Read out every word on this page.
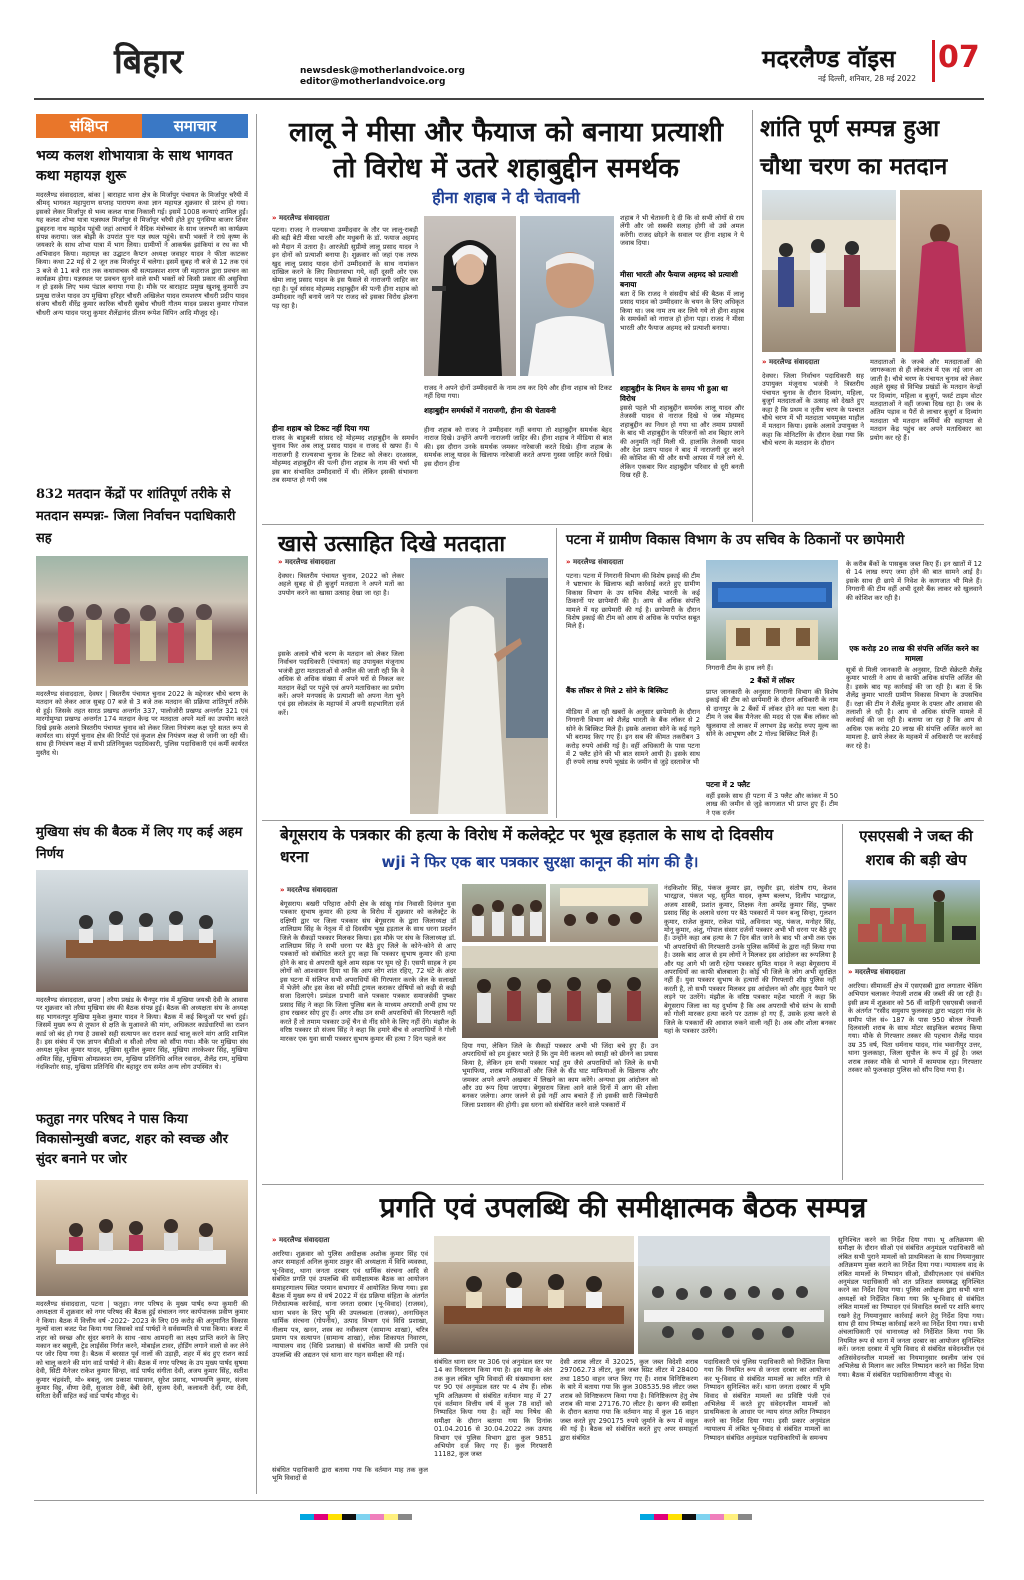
बिहार	newsdesk@motherlandvoice.org
editor@motherlandvoice.org
मदरलैण्ड वॉइस 07
नई दिल्ली, शनिवार, 28 मई 2022
संक्षिप्त	समाचार
भव्य कलश शोभायात्रा के साथ भागवत कथा महायज्ञ शुरू
मदरलैण्ड संवाददाता, बांका | बाराहाट थाना क्षेत्र के मिर्जापुर पंचायत के मिर्जापुर चरैयी में श्रीमद् भागवत महापुराण सप्ताह पारायण कथा ज्ञान महायज्ञ शुक्रवार से प्रारंभ हो गया। इसको लेकर मिर्जापुर से भव्य कलश यात्रा निकाली गई। इसमें 1008 कन्याएं शामिल हुईं। यह कलश शोभा यात्रा यज्ञस्थल मिर्जापुर से मिर्जापुर चरैयी होते हुए पुनसिया बाजार शिवर डुबहरना नाथ महादेव पहुंची जहां आचार्य ने वैदिक मंत्रोच्चार के साथ जलभरी का कार्यक्रम संपन्न कराया। जल बोझी के उपरांत पुनः यज्ञ स्थल पहुंचे। सभी भक्तों ने राधे कृष्ण के जयकारे के साथ शोभा यात्रा में भाग लिया। ग्रामीणों ने आकर्षक झांकियां व रथ का भी अभिवादन किया। महायज्ञ का उद्घाटन कैप्टन अध्यक्ष जवाहर यादव ने फीता काटकर किया। कथा 22 मई से 2 जून तक मिर्जापुर में चलेगा। इसमें सुबह नौ बजे से 12 तक एवं 3 बजे से 11 बजे रात तक कथावाचक श्री सत्यप्रकाश शरण जी महाराज द्वारा प्रवचन का कार्यक्रम होगा। यज्ञस्थल पर प्रवचन सुनने वाले सभी भक्तों को किसी प्रकार की असुविधा न हो इसके लिए भव्य पंडाल बनाया गया है। मौके पर बाराहाट प्रमुख खुशबू कुमारी उप प्रमुख राजेश यादव उप मुखिया हरिहर चौधरी अखिलेश यादव रामशरण चौधरी प्रदीप यादव संजय चौधरी वीरेंद्र कुमार कारिक चौधरी सुबोध चौधरी गौतम यादव प्रकाश कुमार गोपाल चौधरी अन्य यादव परशु कुमार शैलेंद्रानंद प्रीतम रूपेश विपिन आदि मौजूद रहे।
832 मतदान केंद्रों पर शांतिपूर्ण तरीके से मतदान सम्पन्नः- जिला निर्वाचन पदाधिकारी सह
मदरलैण्ड संवाददाता, देवघर | त्रिस्तरीय पंचायत चुनाव 2022 के मद्देनजर चौथे चरण के मतदान को लेकर आज सुबह 07 बजे से 3 बजे तक मतदान की प्रक्रिया शांतिपूर्ण तरीके से हुई। जिसके तहत सारठ प्रखण्ड अन्तर्गत 337, पालोजोरी प्रखण्ड अन्तर्गत 321 एवं मारगोमुण्डा प्रखण्ड अन्तर्गत 174 मतदान केन्द्र पर मतदाता अपने मतों का उपयोग करते दिखे इसके अलावे त्रिस्तरीय पंचायत चुनाव को लेकर जिला नियंत्रण कक्ष पूरे सतत रूप से कार्यरत था। संपूर्ण चुनाव क्षेत्र की रिपोर्ट एवं कुशल क्षेत्र नियंत्रण कक्ष से जानी जा रही थी। साथ ही नियंत्रण कक्ष में सभी प्रतिनियुक्त पदाधिकारी, पुलिस पदाधिकारी एवं कर्मी कार्यरत मुस्तैद थे।
मुखिया संघ की बैठक में लिए गए कई अहम निर्णय
मदरलैण्ड संवाददाता, छपरा | तरैया प्रखंड के चैनपुर गांव में मुखिया जयश्री देवी के आवास पर शुक्रवार को तरैया मुखिया संघ की बैठक संपन्न हुई। बैठक की अध्यक्षता संघ के अध्यक्ष सह भागवतपुर मुखिया मुकेश कुमार यादव ने किया। बैठक में कई बिन्दुओं पर चर्चा हुई। जिसमें मुख्य रूप से तूफान से क्षति के मुआवजे की मांग, अधिकतर कार्डधारियों का राशन कार्ड जो बंद हो गया है उसको सही सत्यापन कर राशन कार्ड चालू करने मांग आदि शामिल है। इस संबंध में एक ज्ञापन बीडीओ व सीओ तरैया को सौंपा गया। मौके पर मुखिया संघ अध्यक्ष मुकेश कुमार यादव, मुखिया सुशील कुमार सिंह, मुखिया तारकेश्वर सिंह, मुखिया अमित सिंह, मुखिया ओमप्रकाश राम, मुखिया प्रतिनिधि अनिल रवादव, शैलेंद्र राम, मुखिया नंदकिशोर साह, मुखिया प्रतिनिधि वीर बहादुर राय समेत अन्य लोग उपस्थित थे।
फतुहा नगर परिषद ने पास किया विकासोन्मुखी बजट, शहर को स्वच्छ और सुंदर बनाने पर जोर
मदरलैण्ड संवाददाता, पटना | फतुहा। नगर परिषद के मुख्य पार्षद रूपा कुमारी की अध्यक्षता में शुक्रवार को नगर परिषद की बैठक हुई संचालन नगर कार्यपालक प्रवीण कुमार ने किया। बैठक में वित्तीय वर्ष -2022- 2023 के लिए 09 करोड़ की अनुमानित विकास मूल्यों वाला बजट पेश किया गया जिसको वार्ड पार्षदों ने सर्वसम्मति से पास किया। बजट में शहर को स्वच्छ और सुंदर बनाने के साथ -साथ आमदनी का लक्ष्य प्राप्ति करने के लिए मकान कर बसूली, ट्रेड लाईसेंस निर्गत करने, मोबाईल टावर, होर्डिंग लगाने वालो से कर लेने पर जोर दिया गया है। बैठक में बरसात पूर्व नालों की उड़ाही, शहर में बंद हुए राशन कार्ड को चालू कराने की मांग वार्ड पार्षदो ने की। बैठक में नगर परिषद के उप मुख्य पार्षद सुषमा देवी, सिटी मैनेजर राकेश कुमार सिन्हा, वार्ड पार्षद संगीता देवी, अजय कुमार सिंह, सतीश कुमार चंद्रवंशी, मो० बबलू, जय प्रकाश पासवान, सुरेश प्रसाद, भाग्यमणि कुमार, संजय कुमार विट्टू, वीणा देवी, सुजाता देवी, बेबी देवी, सुजय देवी, कलावती देवी, रमा देवी, सरिता देवी सहित कई वार्ड पार्षद मौजूद थे।
लालू ने मीसा और फैयाज को बनाया प्रत्याशी
तो विरोध में उतरे शहाबुद्दीन समर्थक
हीना शहाब ने दी चेतावनी
» मदरलैण्ड संवाददाता
पटना। राजद ने राज्यसभा उम्मीदवार के तौर पर लालू-राबड़ी की बड़ी बेटी मीसा भारती और मधुबनी के डॉ. फयाज अहमद को मैदान में उतारा है। आरजेडी सुप्रीमो लालू प्रसाद यादव ने इन दोनों को प्रत्याशी बनाया है। शुक्रवार को जहां एक तरफ खुद लालू प्रसाद यादव दोनों उम्मीदवारों के साथ नामांकन दाखिल करने के लिए विधानसभा गये, वहीं दूसरी ओर एक खेमा लालू प्रसाद यादव के इस फैसले से नाराजगी जाहिर कर रहा है। पूर्व सांसद मोहम्मद शहाबुद्दीन की पत्नी हीना शहाब को उम्मीदवार नहीं बनाये जाने पर राजद को इसका विरोध झेलना पड़ रहा है।
हीना शहाब को टिकट नहीं दिया गया
राजद के बाहुबली सांसद रहे मोहम्मद शहाबुद्दीन के समर्थन चुनाव फिर अब लालू प्रसाद यादव व राजद से खफा हैं। ये नाराजगी है राज्यसभा चुनाव के टिकट को लेकर। दरअसल, मोहम्मद शहाबुद्दीन की पत्नी हीना शहाब के नाम की चर्चा भी इस बार संभावित उम्मीदवारों में थी। लेकिन इसकी संभावना तब समाप्त हो गयी जब
राजद ने अपने दोनों उम्मीदवारों के नाम तय कर दिये और हीना शहाब को टिकट नहीं दिया गया।
शहाबुद्दीन समर्थकों में नाराजगी, हीना की चेतावनी
हीना शहाब को राजद ने उम्मीदवार नहीं बनाया तो शहाबुद्दीन समर्थक बेहद नाराज दिखे। उन्होंने अपनी नाराजगी जाहिर की। हीना शहाब ने मीडिया से बात की। इस दौरान उनके समर्थक जमकर नारेबाजी करते दिखे। हीना शहाब के समर्थक लालू यादव के खिलाफ नारेबाजी करते अपना गुस्सा जाहिर करते दिखे। इस दौरान हीना
शहाब ने भी चेतावनी दे दी कि वो सभी लोगों से राय लेंगी और जो सबकी सलाह होगी वो उसे अमल करेंगी। राजद छोड़ने के सवाल पर हीना शहाब ने ये जवाब दिया।
मीसा भारती और फैयाज अहमद को प्रत्याशी बनाया
बता दें कि राजद ने संसदीय बोर्ड की बैठक में लालू प्रसाद यादव को उम्मीदवार के चयन के लिए अधिकृत किया था। जब नाम तय कर लिये गये तो हीना शहाब के समर्थकों को नाराज हो होना पड़ा। राजद ने मीसा भारती और फैयाज अहमद को प्रत्याशी बनाया।
शहाबुद्दीन के निधन के समय भी हुआ था विरोध
इससे पहले भी शहाबुद्दीन समर्थक लालू यादव और तेजस्वी यादव से नाराज दिखे थे जब मोहम्मद शहाबुद्दीन का निधन हो गया था और तमाम प्रयासों के बाद भी शहाबुद्दीन के परिजनों को शव बिहार लाने की अनुमति नहीं मिली थी. हालांकि तेजस्वी यादव और देश प्रताप यादव ने बाद में नाराजगी दूर करने की कोशिश की थी और सभी आपस में गले लगे थे. लेकिन एकबार फिर शहाबुद्दीन परिवार से दूरी बनती दिख रही है.
शांति पूर्ण सम्पन्न हुआ चौथा चरण का मतदान
» मदरलैण्ड संवाददाता
देवघर। जिला निर्वाचन पदाधिकारी सह उपायुक्त मंजूनाथ भजंत्री ने त्रिस्तरीय पंचायत चुनाव के दौरान दिव्यांग, महिला, बुजुर्ग मतदाताओं के उत्साह को देखते हुए कहा है कि प्रथम व तृतीय चरण के पश्चात चौथे चरण में भी मतदाता भयमुक्त माहौल में मतदान किया। इसके अलावे उपायुक्त ने कहा कि मोनिटरिंग के दौरान देखा गया कि चौथे चरण के मतदान के दौरान
मतदाताओं के जज्बे और मतदाताओं की जागरूकता से ही लोकतंत्र में एक नई जान आ जाती है। चौथे चरण के पंचायत चुनाव को लेकर अहले सुबह से विभिन्न प्रखंडों के मतदान केन्द्रों पर दिव्यांग, महिला व बुजुर्ग, फर्स्ट टाइम वोटर मतदाताओं ने वहीं जज्बा दिख रहा है। जब के अंतिम पड़ाव व पैरों से लाचार बुजुर्ग व दिव्यांग मतदाता भी मतदान कर्मियों की सहायता से मतदान केंद्र पहुंच कर अपने मताधिकार का प्रयोग कर रहे हैं।
खासे उत्साहित दिखे मतदाता
» मदरलैण्ड संवाददाता
देवघर। त्रिस्तरीय पंचायत चुनाव, 2022 को लेकर अहले सुबह से ही बुजुर्ग मतदाता ने अपने मतों का उपयोग करने का खासा उत्साह देखा जा रहा है।
इसके अलावे चौथे चरण के मतदान को लेकर जिला निर्वाचन पदाधिकारी (पंचायत) सह उपायुक्त मंजूनाथ भजंत्री द्वारा मतदाताओं से अपील की जाती रही कि वे अधिक से अधिक संख्या में अपने घरों से निकल कर मतदान केंद्रों पर पहुंचे एवं अपने मताधिकार का प्रयोग करें। अपने मनपसंद के प्रत्याशी को अपना नेता चुने एवं इस लोकतंत्र के महापर्व में अपनी सहभागिता दर्ज करें।
पटना में ग्रामीण विकास विभाग के उप सचिव के ठिकानों पर छापेमारी
» मदरलैण्ड संवाददाता
पटना। पटना में निगरानी विभाग की विशेष इकाई की टीम ने भ्रष्टाचार के खिलाफ बड़ी कार्रवाई करते हुए ग्रामीण विकास विभाग के उप सचिव शैलेंद्र भारती के कई ठिकानों पर छापेमारी की है। आय से अधिक संपत्ति मामले में यह छापेमारी की गई है। छापेमारी के दौरान विशेष इकाई की टीम को आय से अधिक के पर्याप्त सबूत मिले हैं।
बैंक लॉकर से मिले 2 सोने के बिस्किट
मीडिया में आ रही खबरों के अनुसार छापेमारी के दौरान निगरानी विभाग को शैलेंद्र भारती के बैंक लॉकर से 2 सोने के बिस्किट मिले हैं। इसके अलावा सोने के कई गहने भी बरामद किए गए हैं। इन सब की कीमत तकरीबन 3 करोड़ रुपये आंकी गई है। वहीं अधिकारी के पास पटना में 2 फ्लैट होने की भी बात सामने आयी है। इसके साथ ही रुपये लाख रुपये भूखंड के जमीन से जुड़े दस्तावेज भी
निगरानी टीम के हाथ लगे हैं।
2 बैंकों में लॉकर
प्राप्त जानकारी के अनुसार निगरानी विभाग की विशेष इकाई की टीम को छापेमारी के दौरान अधिकारी के नाम से दानापुर के 2 बैंकों में लॉकर होने का पता चला है। टीम ने जब बैंक मैनेजर की मदद से एक बैंक लॉकर को खुलवाया तो लाकर में लगभग डेढ़ करोड़ रुपए मूल्य का सोने के आभूषण और 2 गोल्ड बिस्किट मिले हैं।
पटना में 2 फ्लैट
वहीं इसके साथ ही पटना में 3 फ्लैट और कांकर में 50 लाख की जमीन से जुड़े कागजात भी प्राप्त हुए हैं। टीम ने एक दर्जन
के करीब बैंकों के पासबुक जब्त किए हैं। इन खातों में 12 से 14 लाख रुपए जमा होने की बात सामने आई है। इसके साथ ही छापे में निवेश के कागजात भी मिले हैं। निगरानी की टीम वहीं अभी दूसरे बैंक लाकर को खुलवाने की कोशिश कर रही है।
एक करोड़ 20 लाख की संपत्ति अर्जित करने का मामला
सूत्रों से मिली जानकारी के अनुसार, डिप्टी सेक्रेटरी शैलेंद्र कुमार भारती ने आय से काफी अधिक संपत्ति अर्जित की है। इसके बाद यह कार्रवाई की जा रही है। बता दें कि शैलेंद्र कुमार भारती ग्रामीण विकास विभाग के उपसचिव हैं। रक्षा की टीम ने शैलेंद्र कुमार के दफ्तर और आवास की तलाशी ले रही है। आय से अधिक संपत्ति मामले में कार्रवाई की जा रही है। बताया जा रहा है कि आय से अधिक एक करोड़ 20 लाख की संपत्ति अर्जित करने का मामला है. छापे लेकर के महकमे में अधिकारी पर कार्रवाई कर रहे है।
बेगूसराय के पत्रकार की हत्या के विरोध में कलेक्ट्रेट पर भूख हड़ताल के साथ दो दिवसीय धरना	wji ने फिर एक बार पत्रकार सुरक्षा कानून की मांग की है।
» मदरलैण्ड संवाददाता
बेगूसराय। बखरी परिहारा ओपी क्षेत्र के सांखु गांव निवासी दिवंगत युवा पत्रकार सुभाष कुमार की हत्या के विरोध में शुक्रवार को कलेक्ट्रेट के दक्षिणी द्वार पर जिला पत्रकार संघ बेगूसराय के द्वारा जिलाध्यक्ष डॉ शालिग्राम सिंह के नेतृत्व में दो दिवसीय भूख हड़ताल के साथ धरना प्रदर्शन जिले के सैकड़ों पत्रकार मिलकर किया। इस मौके पर संघ के जिलाध्यक्ष डॉ. शालिग्राम सिंह ने सभी धरना पर बैठे हुए जिले के कोने-कोने से आए पत्रकारों को संबोधित करते हुए कहा कि पत्रकार सुभाष कुमार की हत्या होने के बाद से अपराधी खुले आम सड़क पर घूम रहे हैं। एसपी साहब ने हम लोगों को आश्वासन दिया था कि आप लोग शांत रहिए, 72 घंटे के अंदर इस घटना में संलिप्त सभी अपराधियों की गिरफ्तार करके जेल के सलाखों में भेजेंगे और इस केस को स्पीडी ट्रायल कराकर दोषियों को कड़ी से कड़ी सजा दिलाएंगे। प्रमंडल प्रभारी वाले पत्रकार पत्रकार समाजसेवी पुष्कर प्रसाद सिंह ने कहा कि जिला पुलिस बल के माध्यम अपराधी अभी हाथ पर हाथ रखकर सोए हुए हैं। अगर शीघ्र उन सभी अपराधियों की गिरफ्तारी नहीं करते हैं तो तमाम पत्रकार उन्हें चैन से नींद सोने के लिए नहीं देंगे। मंझौल के वरिष्ठ पत्रकार प्रो संजय सिंह ने कहा कि हमारे बीच से अपराधियों ने गोली मारकर एक युवा साथी पत्रकार सुभाष कुमार की हत्या ? दिन पहले कर
दिया गया, लेकिन जिले के सैकड़ों पत्रकार अभी भी जिंदा बचे हुए हैं। उन अपराधियों को हम हुंकार भरते हैं कि तुम मेरी कलम को स्याही को छीनने का प्रयास किया है, लेकिन हम सभी पत्रकार भाई तुम जैसे अपराधियों को जिले के सभी भूमाफिया, शराब माफियाओं और जिले के सैंड घाट माफियाओं के खिलाफ और जमकर अपने अपने अखबार में लिखने का काम करेंगे। अन्यथा इस आंदोलन को और उग्र रूप दिया जाएगा। बेगूसराय जिला आने वाले दिनों में आग की शोला बनकर जलेगा। अगर जलने से इसे नहीं आप बचाते हैं तो इसकी सारी जिम्मेदारी जिला प्रशासन की होगी। इस धरना को संबोधित करने वाले पत्रकारों में
नंदकिशोर सिंह, पंकज कुमार झा, रघुवीर झा, संतोष राय, केशव भारद्वाज, पंकज भट्ट, सुमित यादव, कृष्ण बल्लभ, दिलीप भारद्वाज, अजय शास्त्री, प्रशांत कुमार, शिक्षक नेता अमरेंद्र कुमार सिंह, पुष्कर प्रसाद सिंह के अलावे धरना पर बैठे पत्रकारों में पवन बन्धु सिन्हा, गुलशन कुमार, राजेश कुमार, राकेश पांडे, अविनाश भट्ट, पंकज, मनोहर सिंह, मोनू कुमार, अंशु, गोपाल संसार दर्जनों पत्रकार अभी भी धरना पर बैठे हुए हैं। उन्होंने कहा अब हत्या के 7 दिन बीत जाने के बाद भी अभी तक एक भी अपराधियों की गिरफ्तारी उनके पुलिस कर्मियों के द्वारा नहीं किया गया है। उसके बाद आज से हम लोगों ने मिलकर इस आंदोलन का रूपलिया है और यह आगे भी जारी रहेगा पत्रकार सुमित यादव ने कहा बेगूसराय में अपराधियों का काफी बोलबाला है। कोई भी जिले के लोग अभी सुरक्षित नहीं हैं। युवा पत्रकार सुभाष के हत्यारों की गिरफ्तारी शीघ्र पुलिस नहीं करती है, तो सभी पत्रकार मिलकर इस आंदोलन को और वृहद पैमाने पर लड़ने पर उतरेंगे। मंझौल के वरिष्ठ पत्रकार महेश भारती ने कहा कि बेगूसराय जिला का यह दुर्भाग्य है कि अब अपराधी चौथे स्तंभ के साथी को गोली मारकर हत्या करने पर उतारू हो गए हैं, उसके हत्या करने से जिले के पत्रकारों की आवाज रुकने वाली नहीं है। अब और शोला बनकर यहां के पत्रकार उतरेंगे।
एसएसबी ने जब्त की शराब की बड़ी खेप
» मदरलैण्ड संवाददाता
अररिया। सीमावर्ती क्षेत्र में एसएसबी द्वारा लगातार चेकिंग अभियान चलाकर नेपाली शराब की जब्ती की जा रही है। इसी क्रम में शुक्रवार को 56 वीं वाहिनी एसएसबी जवानों के अंतर्गत "रसीद समुवाप फुलकाहा द्वारा भद्रहरा गांव के समीप पोल सं० 187 के पास 950 बोतल नेपाली दिलवाली शराब के साथ मोटर साइकिल बरामद किया गया। मौके से गिरफ्तार तस्कर की पहचान शैलेंद्र यादव उम्र 35 वर्ष, पिता धर्मनाथ यादव, गांव भवानीपुर उत्तर, थाना फुलकाहा, जिला सुपौल के रूप में हुई है। जब्त शराब तस्कर मौके से भागने में कामयाब रहा। गिरफ्तार तस्कर को फुलकाहा पुलिस को सौंप दिया गया है।
प्रगति एवं उपलब्धि की समीक्षात्मक बैठक सम्पन्न
» मदरलैण्ड संवाददाता
अररिया। शुक्रवार को पुलिस अधीक्षक अशोक कुमार सिंह एवं अपर समाहर्ता अनिल कुमार ठाकुर की अध्यक्षता में विधि व्यवस्था, भू-विवाद, थाना जनता दरबार एवं धार्मिक संरचना आदि से संबंधित प्रगति एवं उपलब्धि की समीक्षात्मक बैठक का आयोजन समाहरणालय स्थित परमान सभागार में आयोजित किया गया। इस बैठक में मुख्य रूप से वर्ष 2022 में दंड प्रक्रिया संहिता के अंतर्गत निरोधात्मक कार्रवाई, थाना जनता दरबार (भू-विवाद) (राजस्व), थाना भवन के लिए भूमि की उपलब्धता (राजस्व), अनाधिकृत धार्मिक संरचना (गोपनीय), उत्पाद विभाग एवं विधि प्रशाखा, नीलाम पत्र, खनन, शस्त्र का नवीकरण (सामान्य शाखा), चरित्र प्रमाण पत्र सत्यापन (सामान्य शाखा), लोक शिकायत निवारण, न्यायालय वाद (विधि प्रशाखा) से संबंधित कार्यों की प्रगति एवं उपलब्धि की अद्यतन एवं थाना वार गहन समीक्षा की गई।
संबंधित पदाधिकारी द्वारा बताया गया कि वर्तमान माह तक कुल भूमि विवादों से
संबंधित थाना स्तर पर 306 एवं अनुमंडल स्तर पर 14 का निस्तारण किया गया है। इस माह के अंत तक कुल लंबित भूमि विवादों की संख्याथाना स्तर पर 90 एवं अनुमंडल स्तर पर 4 शेष हैं। लोक भूमि अतिक्रमण से संबंधित वर्तमान माह में 27 एवं वर्तमान वित्तीय वर्ष में कुल 78 वादों को निष्पादित किया गया है। वहीं मध निषेध की समीक्षा के दौरान बताया गया कि दिनांक 01.04.2016 से 30.04.2022 तक उत्पाद विभाग एवं पुलिस विभाग द्वारा कुल 9851 अभियोग दर्ज किए गए हैं। कुल गिरफ्तारी 11182, कुल जब्त
देसी शराब लीटर में 32025, कुल जब्त विदेशी शराब 297062.73 लीटर, कुल जब्त स्प्रिट लीटर में 28400 तथा 1850 वाहन जप्त किए गए हैं। शराब विनिष्टिकरण के बारे में बताया गया कि कुल 308535.98 लीटर जब्त शराब को विनिष्टकरण किया गया है। विनिष्टिकरण हेतु शेष शराब की मात्रा 27176.70 लीटर है। खनन की समीक्षा के दौरान बताया गया कि वर्तमान माह में कुल 16 वाहन जब्त करते हुए 290175 रुपये जुर्माने के रूप में वसूल की गई है। बैठक को संबोधित करते हुए अपर समाहर्ता द्वारा संबंधित
पदाधिकारी एवं पुलिस पदाधिकारी को निर्देशित किया गया कि नियमित रूप से जनता दरबार का आयोजन कर भू-विवाद से संबंधित मामलों का त्वरित गति से निष्पादन सुनिश्चित करें। थाना जनता दरबार में भूमि विवाद से संबंधित मामलों का प्रविष्टि पंजी एवं अभिलेख में करते हुए संवेदनशील मामलों को प्राथमिकता के आधार पर न्याय संगत त्वरित निष्पादन करने का निर्देश दिया गया। इसी प्रकार अनुमंडल न्यायालय में लंबित भू-विवाद से संबंधित मामलों का निष्पादन संबंधित अनुमंडल पदाधिकारियों के समन्वय
सुनिश्चित करने का निर्देश दिया गया। भू अतिक्रमण की समीक्षा के दौरान सीओ एवं संबंधित अनुमंडल पदाधिकारी को लंबित सभी पुराने मामलों को प्राथमिकता के साथ नियमानुसार अतिक्रमण मुक्त कराने का निर्देश दिया गया। न्यायालय वाद के लंबित मामलों के निष्पादन सीओ, डीसीएलआर एवं संबंधित अनुमंडल पदाधिकारी को शत प्रतिशत समयबद्ध सुनिश्चित करने का निर्देश दिया गया। पुलिस अधीक्षक द्वारा सभी थाना अध्यक्षों को निर्देशित किया गया कि भू-विवाद से संबंधित लंबित मामलों का निष्पादन एवं विवादित स्थलों पर शांति बनाए रखने हेतु नियमानुसार कार्रवाई करने हेतु निर्देश दिया गया। साथ ही साथ निष्पक्ष कार्रवाई करने का निर्देश दिया गया। सभी अंचलाधिकारी एवं थानाध्यक्ष को निर्देशित किया गया कि नियमित रूप से थाना में जनता दरबार का आयोजन सुनिश्चित करें। जनता दरबार में भूमि विवाद से संबंधित संवेदनशील एवं अतिसंवेदनशील मामलों का नियमानुसार स्थलीय जांच एवं अभिलेख से मिलान कर त्वरित निष्पादन करने का निर्देश दिया गया। बैठक में संबंधित पदाधिकारीगण मौजूद थे।
